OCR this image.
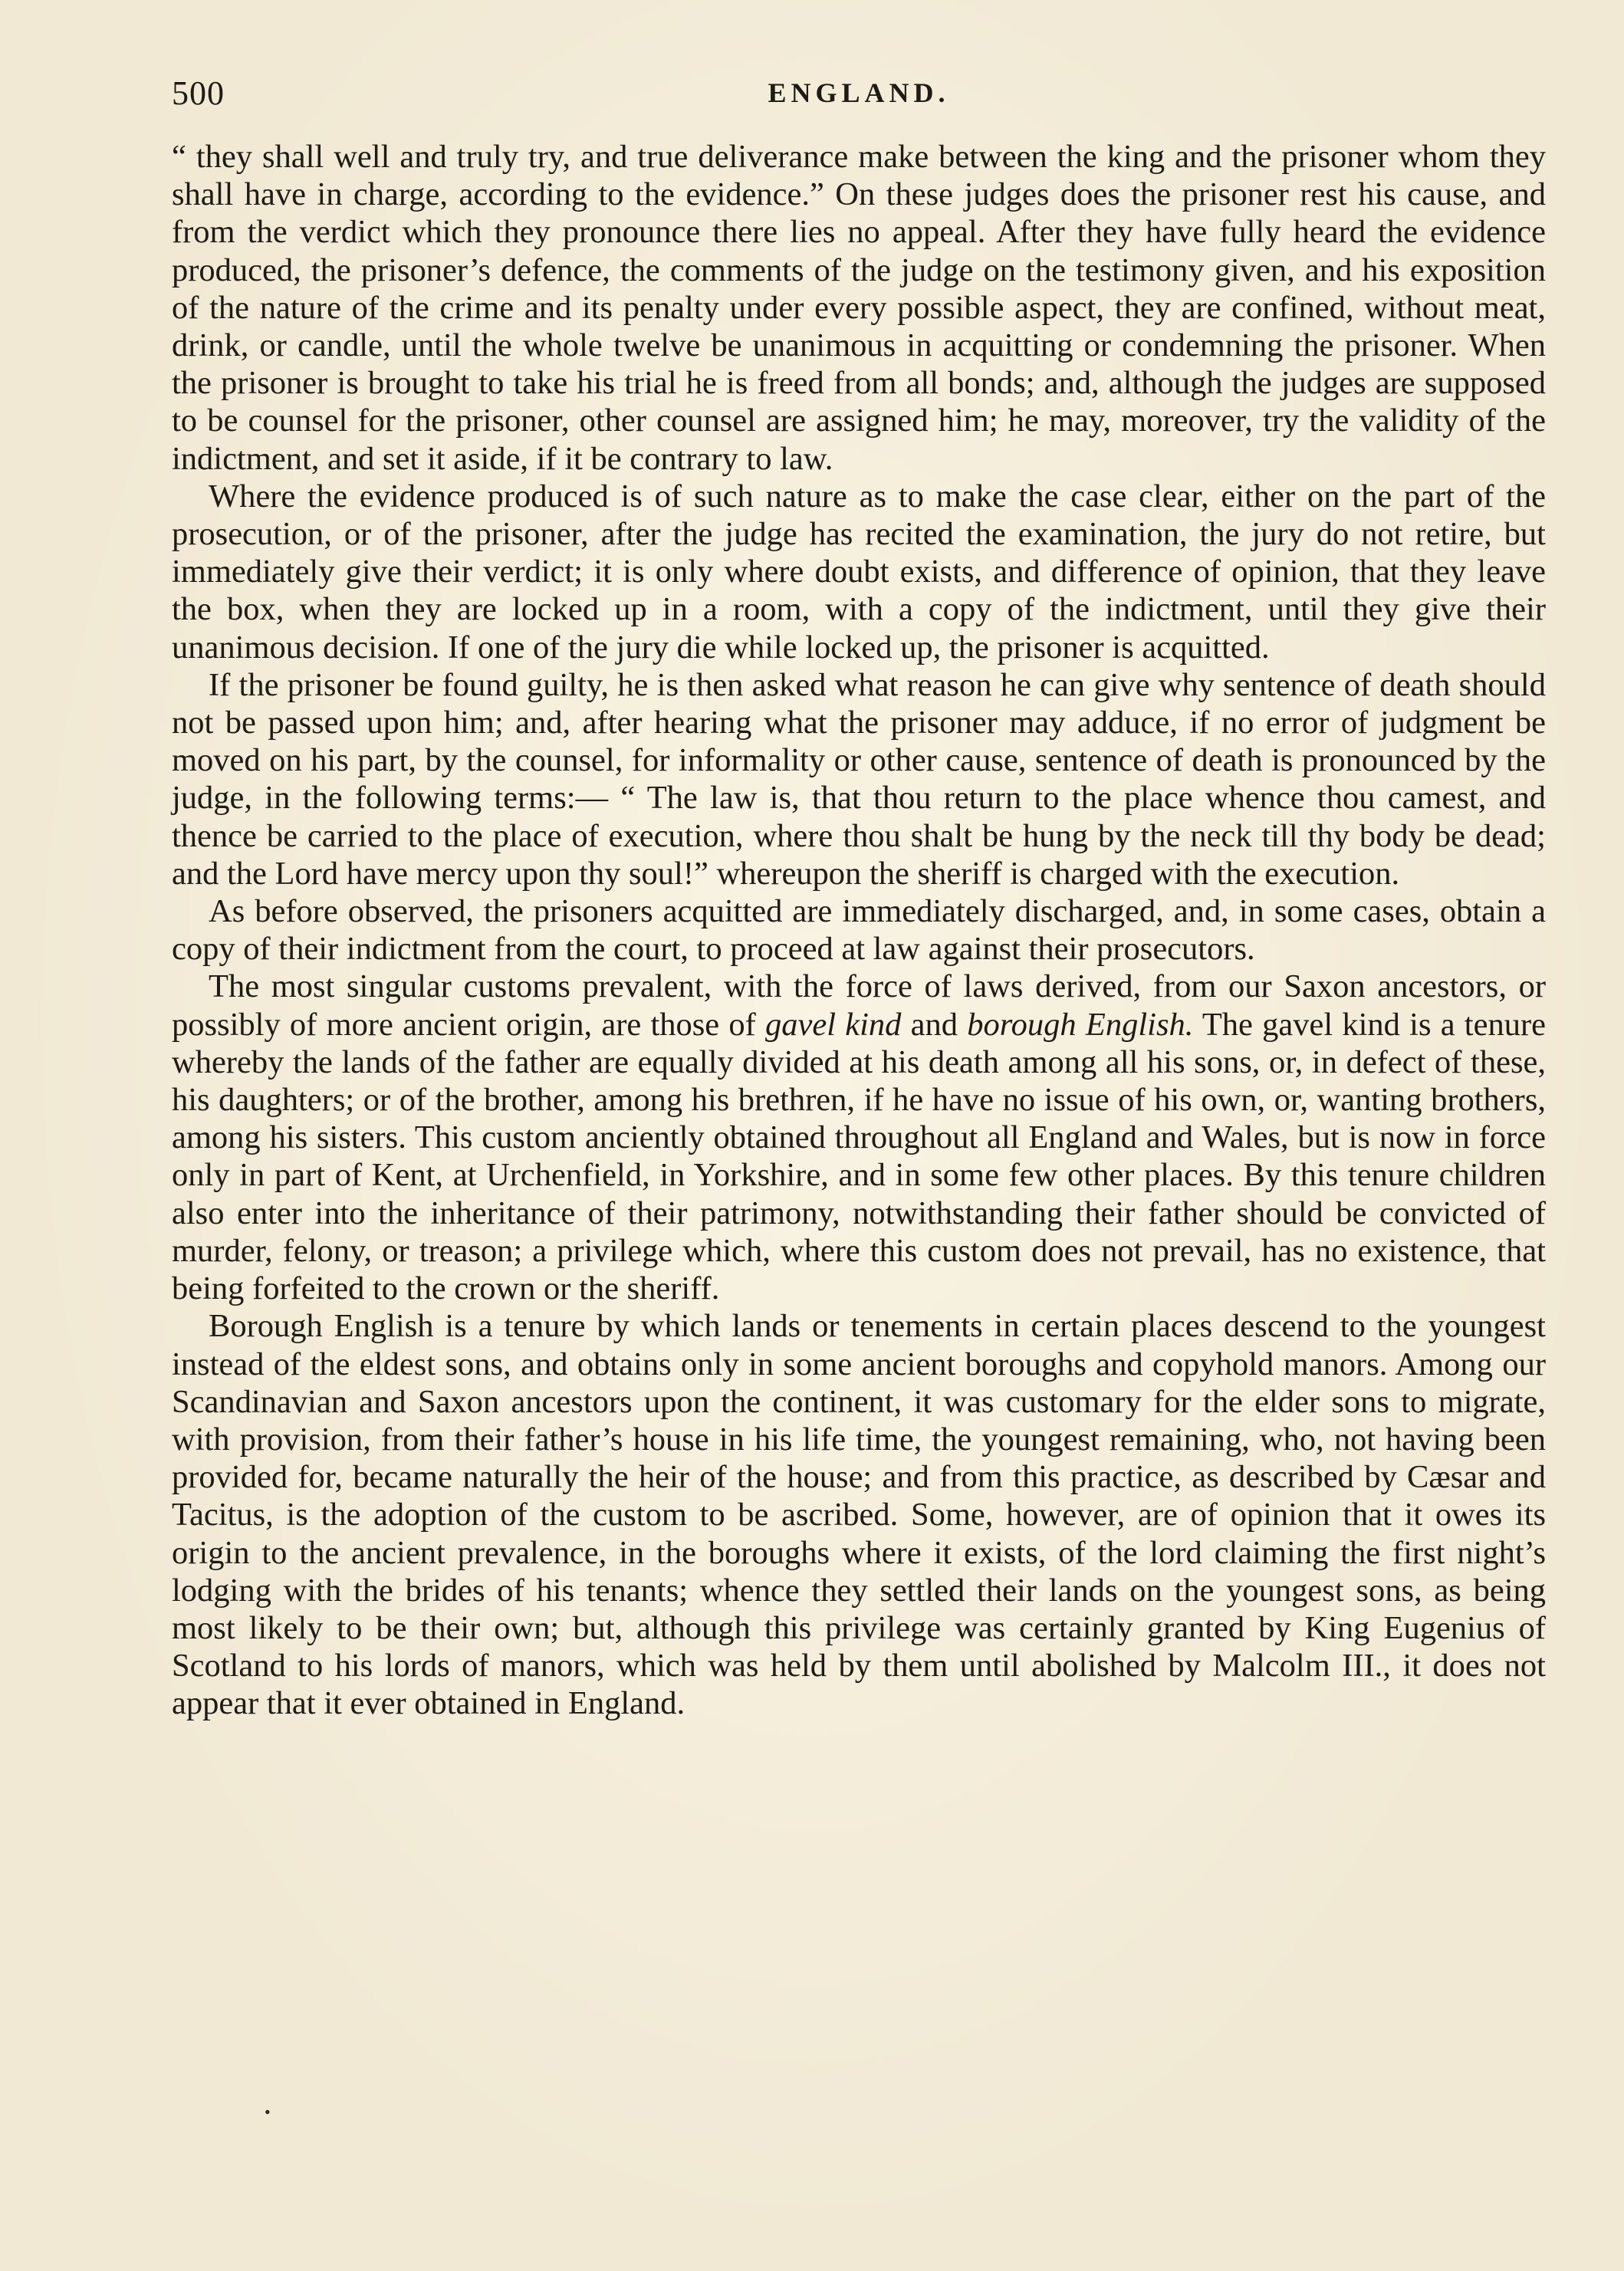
500	ENGLAND.

“ they shall well and truly try, and true deliverance make between the king and the prisoner whom they shall have in charge, according to the evidence.” On these judges does the prisoner rest his cause, and from the verdict which they pronounce there lies no appeal. After they have fully heard the evidence produced, the prisoner’s defence, the comments of the judge on the testimony given, and his exposition of the nature of the crime and its penalty under every possible aspect, they are confined, without meat, drink, or candle, until the whole twelve be unanimous in acquitting or condemning the prisoner. When the prisoner is brought to take his trial he is freed from all bonds; and, although the judges are supposed to be counsel for the prisoner, other counsel are assigned him; he may, moreover, try the validity of the indictment, and set it aside, if it be contrary to law.

Where the evidence produced is of such nature as to make the case clear, either on the part of the prosecution, or of the prisoner, after the judge has recited the examination, the jury do not retire, but immediately give their verdict; it is only where doubt exists, and difference of opinion, that they leave the box, when they are locked up in a room, with a copy of the indictment, until they give their unanimous decision. If one of the jury die while locked up, the prisoner is acquitted.

If the prisoner be found guilty, he is then asked what reason he can give why sentence of death should not be passed upon him; and, after hearing what the prisoner may adduce, if no error of judgment be moved on his part, by the counsel, for informality or other cause, sentence of death is pronounced by the judge, in the following terms:— “ The law is, that thou return to the place whence thou camest, and thence be carried to the place of execution, where thou shalt be hung by the neck till thy body be dead; and the Lord have mercy upon thy soul!” whereupon the sheriff is charged with the execution.

As before observed, the prisoners acquitted are immediately discharged, and, in some cases, obtain a copy of their indictment from the court, to proceed at law against their prosecutors.

The most singular customs prevalent, with the force of laws derived, from our Saxon ancestors, or possibly of more ancient origin, are those of gavel kind and borough English. The gavel kind is a tenure whereby the lands of the father are equally divided at his death among all his sons, or, in defect of these, his daughters; or of the brother, among his brethren, if he have no issue of his own, or, wanting brothers, among his sisters. This custom anciently obtained throughout all England and Wales, but is now in force only in part of Kent, at Urchenfield, in Yorkshire, and in some few other places. By this tenure children also enter into the inheritance of their patrimony, notwithstanding their father should be convicted of murder, felony, or treason; a privilege which, where this custom does not prevail, has no existence, that being forfeited to the crown or the sheriff.

Borough English is a tenure by which lands or tenements in certain places descend to the youngest instead of the eldest sons, and obtains only in some ancient boroughs and copyhold manors. Among our Scandinavian and Saxon ancestors upon the continent, it was customary for the elder sons to migrate, with provision, from their father’s house in his life time, the youngest remaining, who, not having been provided for, became naturally the heir of the house; and from this practice, as described by Cæsar and Tacitus, is the adoption of the custom to be ascribed. Some, however, are of opinion that it owes its origin to the ancient prevalence, in the boroughs where it exists, of the lord claiming the first night’s lodging with the brides of his tenants; whence they settled their lands on the youngest sons, as being most likely to be their own; but, although this privilege was certainly granted by King Eugenius of Scotland to his lords of manors, which was held by them until abolished by Malcolm III., it does not appear that it ever obtained in England.

•
